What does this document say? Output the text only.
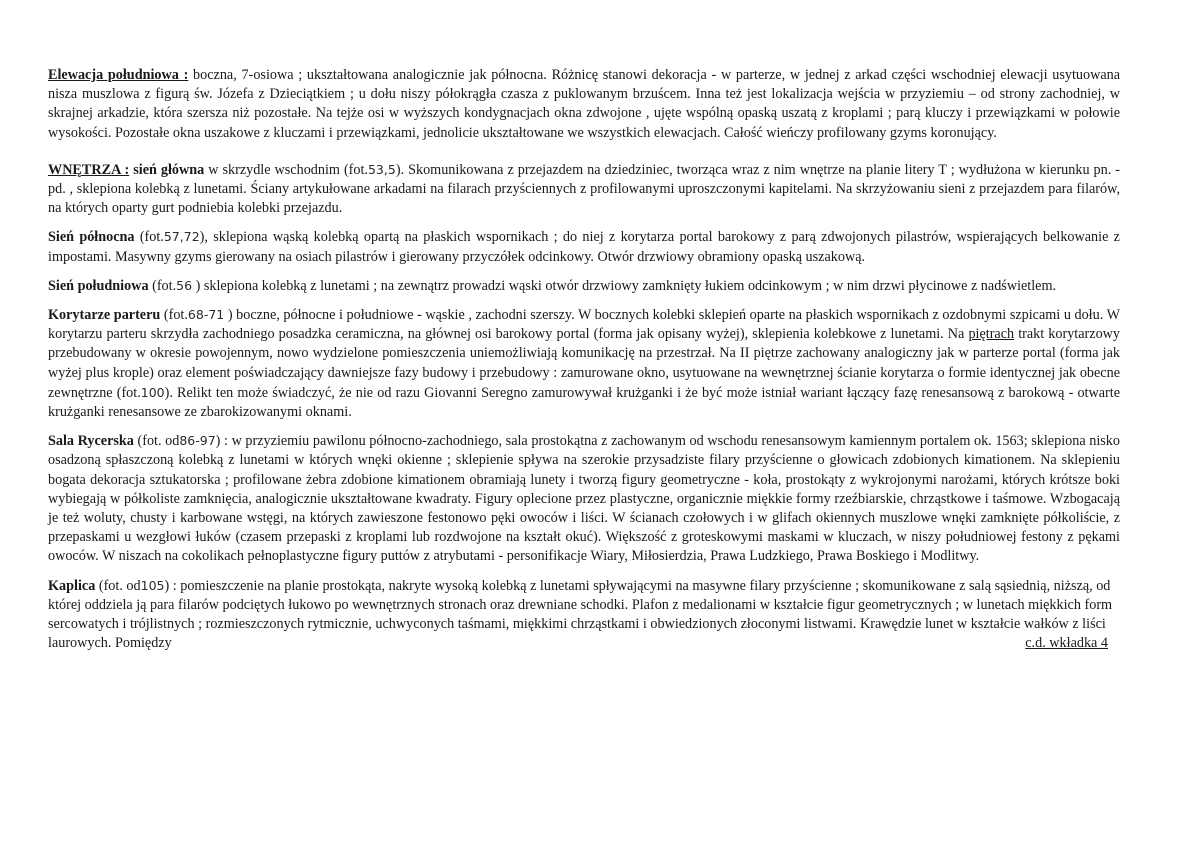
Elewacja południowa : boczna, 7-osiowa ; ukształtowana analogicznie jak północna. Różnicę stanowi dekoracja - w parterze, w jednej z arkad części wschodniej elewacji usytuowana nisza muszlowa z figurą św. Józefa z Dzieciątkiem ; u dołu niszy półokrągła czasza z puklowanym brzuścem. Inna też jest lokalizacja wejścia w przyziemiu – od strony zachodniej, w skrajnej arkadzie, która szersza niż pozostałe. Na tejże osi w wyższych kondygnacjach okna zdwojone , ujęte wspólną opaską uszatą z kroplami ; parą kluczy i przewiązkami w połowie wysokości. Pozostałe okna uszakowe z kluczami i przewiązkami, jednolicie ukształtowane we wszystkich elewacjach. Całość wieńczy profilowany gzyms koronujący.

WNĘTRZA : sień główna w skrzydle wschodnim (fot.53,5). Skomunikowana z przejazdem na dziedziniec, tworząca wraz z nim wnętrze na planie litery T ; wydłużona w kierunku pn. - pd. , sklepiona kolebką z lunetami. Ściany artykułowane arkadami na filarach przyściennych z profilowanymi uproszczonymi kapitelami. Na skrzyżowaniu sieni z przejazdem para filarów, na których oparty gurt podniebia kolebki przejazdu.

Sień północna (fot.57,72), sklepiona wąską kolebką opartą na płaskich wspornikach ; do niej z korytarza portal barokowy z parą zdwojonych pilastrów, wspierających belkowanie z impostami. Masywny gzyms gierowany na osiach pilastrów i gierowany przyczółek odcinkowy. Otwór drzwiowy obramiony opaską uszakową.

Sień południowa (fot.56 ) sklepiona kolebką z lunetami ; na zewnątrz prowadzi wąski otwór drzwiowy zamknięty łukiem odcinkowym ; w nim drzwi płycinowe z nadświetlem.

Korytarze parteru (fot.68-71 ) boczne, północne i południowe - wąskie , zachodni szerszy. W bocznych kolebki sklepień oparte na płaskich wspornikach z ozdobnymi szpicami u dołu. W korytarzu parteru skrzydła zachodniego posadzka ceramiczna, na głównej osi barokowy portal (forma jak opisany wyżej), sklepienia kolebkowe z lunetami. Na piętrach trakt korytarzowy przebudowany w okresie powojennym, nowo wydzielone pomieszczenia uniemożliwiają komunikację na przestrzał. Na II piętrze zachowany analogiczny jak w parterze portal (forma jak wyżej plus krople) oraz element poświadczający dawniejsze fazy budowy i przebudowy : zamurowane okno, usytuowane na wewnętrznej ścianie korytarza o formie identycznej jak obecne zewnętrzne (fot.100). Relikt ten może świadczyć, że nie od razu Giovanni Seregno zamurowywał krużganki i że być może istniał wariant łączący fazę renesansową z barokową - otwarte krużganki renesansowe ze zbarokizowanymi oknami.

Sala Rycerska (fot. od86-97) : w przyziemiu pawilonu północno-zachodniego, sala prostokątna z zachowanym od wschodu renesansowym kamiennym portalem ok. 1563; sklepiona nisko osadzoną spłaszczoną kolebką z lunetami w których wnęki okienne ; sklepienie spływa na szerokie przysadziste filary przyścienne o głowicach zdobionych kimationem. Na sklepieniu bogata dekoracja sztukatorska ; profilowane żebra zdobione kimationem obramiają lunety i tworzą figury geometryczne - koła, prostokąty z wykrojonymi narożami, których krótsze boki wybiegają w półkoliste zamknięcia, analogicznie ukształtowane kwadraty. Figury oplecione przez plastyczne, organicznie miękkie formy rzeźbiarskie, chrząstkowe i taśmowe. Wzbogacają je też woluty, chusty i karbowane wstęgi, na których zawieszone festonowo pęki owoców i liści. W ścianach czołowych i w glifach okiennych muszlowe wnęki zamknięte półkoliście, z przepaskami u wezgłowi łuków (czasem przepaski z kroplami lub rozdwojone na kształt okuć). Większość z groteskowymi maskami w kluczach, w niszy południowej festony z pękami owoców. W niszach na cokolikach pełnoplastyczne figury puttów z atrybutami - personifikacje Wiary, Miłosierdzia, Prawa Ludzkiego, Prawa Boskiego i Modlitwy.

Kaplica (fot. od105) : pomieszczenie na planie prostokąta, nakryte wysoką kolebką z lunetami spływającymi na masywne filary przyścienne ; skomunikowane z salą sąsiednią, niższą, od której oddziela ją para filarów podciętych łukowo po wewnętrznych stronach oraz drewniane schodki. Plafon z medalionami w kształcie figur geometrycznych ; w lunetach miękkich form sercowatych i trójlistnych ; rozmieszczonych rytmicznie, uchwyconych taśmami, miękkimi chrząstkami i obwiedzionych złoconymi listwami. Krawędzie lunet w kształcie wałków z liści laurowych. Pomiędzy	c.d. wkładka 4
